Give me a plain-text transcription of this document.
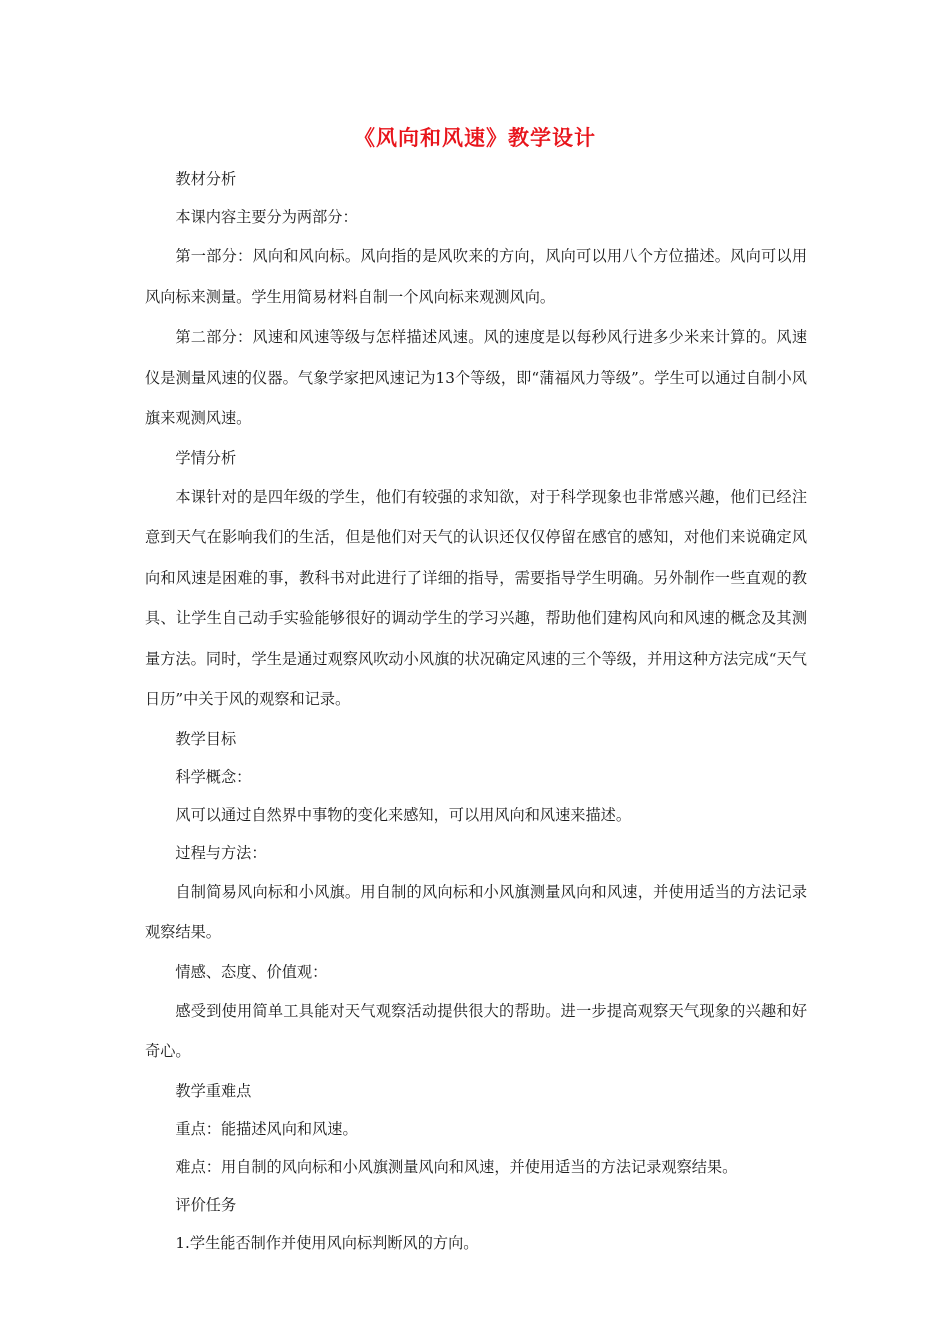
《风向和风速》教学设计

教材分析

本课内容主要分为两部分：

第一部分：风向和风向标。风向指的是风吹来的方向，风向可以用八个方位描述。风向可以用风向标来测量。学生用简易材料自制一个风向标来观测风向。

第二部分：风速和风速等级与怎样描述风速。风的速度是以每秒风行进多少米来计算的。风速仪是测量风速的仪器。气象学家把风速记为13个等级，即“蒲福风力等级”。学生可以通过自制小风旗来观测风速。

学情分析

本课针对的是四年级的学生，他们有较强的求知欲，对于科学现象也非常感兴趣，他们已经注意到天气在影响我们的生活，但是他们对天气的认识还仅仅停留在感官的感知，对他们来说确定风向和风速是困难的事，教科书对此进行了详细的指导，需要指导学生明确。另外制作一些直观的教具、让学生自己动手实验能够很好的调动学生的学习兴趣，帮助他们建构风向和风速的概念及其测量方法。同时，学生是通过观察风吹动小风旗的状况确定风速的三个等级，并用这种方法完成“天气日历”中关于风的观察和记录。

教学目标

科学概念：

风可以通过自然界中事物的变化来感知，可以用风向和风速来描述。

过程与方法：

自制简易风向标和小风旗。用自制的风向标和小风旗测量风向和风速，并使用适当的方法记录观察结果。

情感、态度、价值观：

感受到使用简单工具能对天气观察活动提供很大的帮助。进一步提高观察天气现象的兴趣和好奇心。

教学重难点

重点：能描述风向和风速。

难点：用自制的风向标和小风旗测量风向和风速，并使用适当的方法记录观察结果。

评价任务

1.学生能否制作并使用风向标判断风的方向。
